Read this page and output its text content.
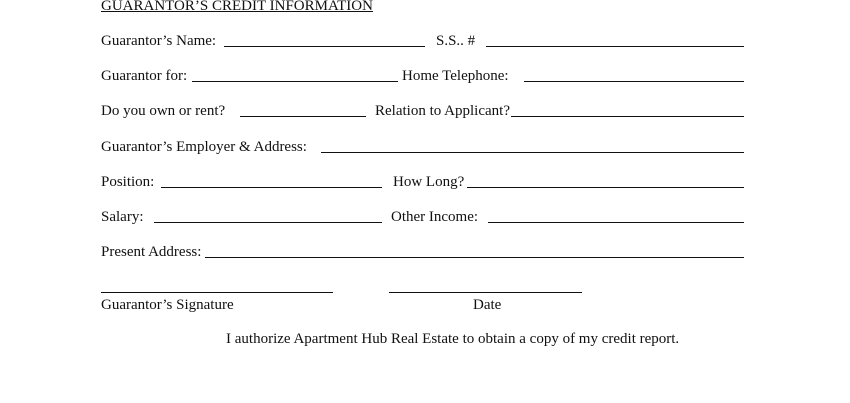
GUARANTOR’S CREDIT INFORMATION
Guarantor’s Name:	S.S.. #
Guarantor for:	Home Telephone:
Do you own or rent?	Relation to Applicant?
Guarantor’s Employer & Address:
Position:	How Long?
Salary:	Other Income:
Present Address:
Guarantor’s Signature	Date
I authorize Apartment Hub Real Estate to obtain a copy of my credit report.
